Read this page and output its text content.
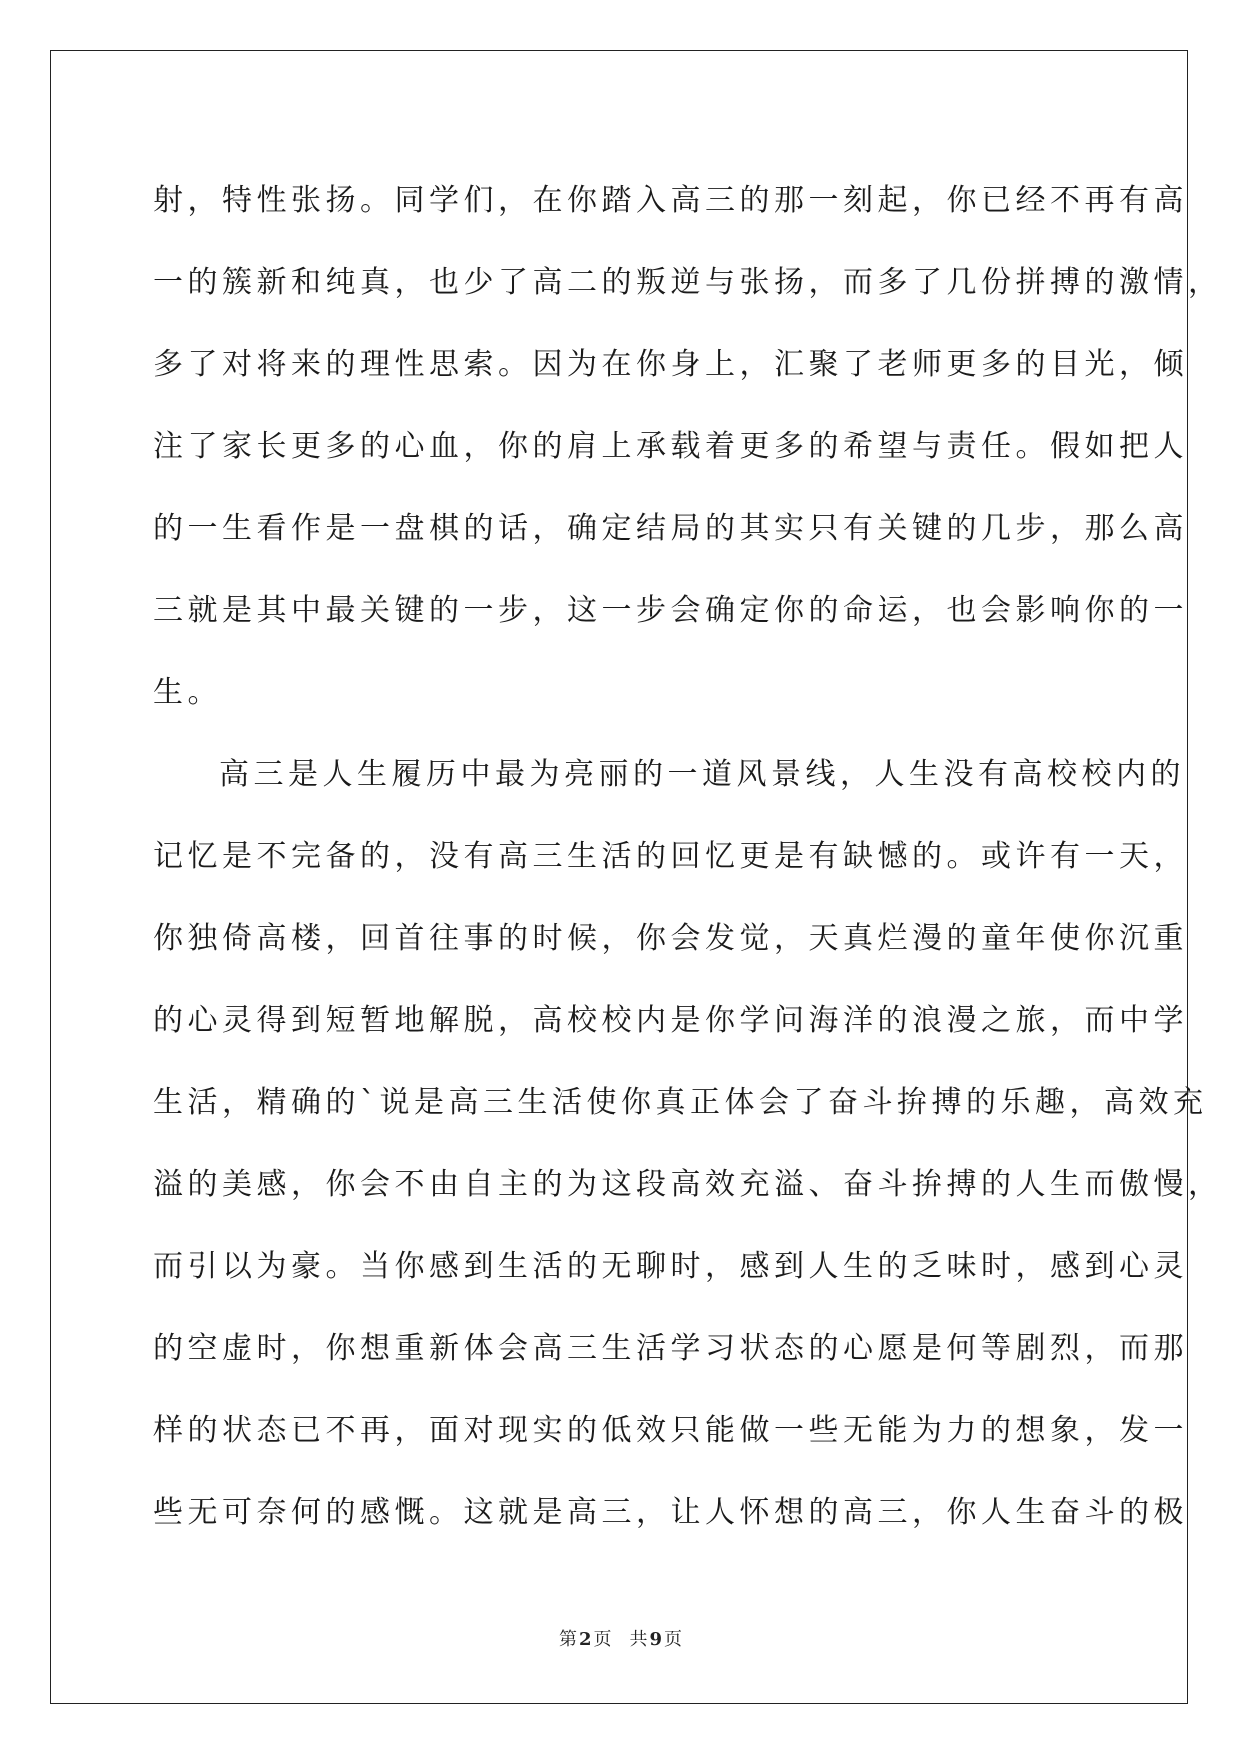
射，特性张扬。同学们，在你踏入高三的那一刻起，你已经不再有高
一的簇新和纯真，也少了高二的叛逆与张扬，而多了几份拼搏的激情，
多了对将来的理性思索。因为在你身上，汇聚了老师更多的目光，倾
注了家长更多的心血，你的肩上承载着更多的希望与责任。假如把人
的一生看作是一盘棋的话，确定结局的其实只有关键的几步，那么高
三就是其中最关键的一步，这一步会确定你的命运，也会影响你的一
生。
高三是人生履历中最为亮丽的一道风景线，人生没有高校校内的
记忆是不完备的，没有高三生活的回忆更是有缺憾的。或许有一天，
你独倚高楼，回首往事的时候，你会发觉，天真烂漫的童年使你沉重
的心灵得到短暂地解脱，高校校内是你学问海洋的浪漫之旅，而中学
生活，精确的`说是高三生活使你真正体会了奋斗拚搏的乐趣，高效充
溢的美感，你会不由自主的为这段高效充溢、奋斗拚搏的人生而傲慢，
而引以为豪。当你感到生活的无聊时，感到人生的乏味时，感到心灵
的空虚时，你想重新体会高三生活学习状态的心愿是何等剧烈，而那
样的状态已不再，面对现实的低效只能做一些无能为力的想象，发一
些无可奈何的感慨。这就是高三，让人怀想的高三，你人生奋斗的极
第 2 页 共 9 页
